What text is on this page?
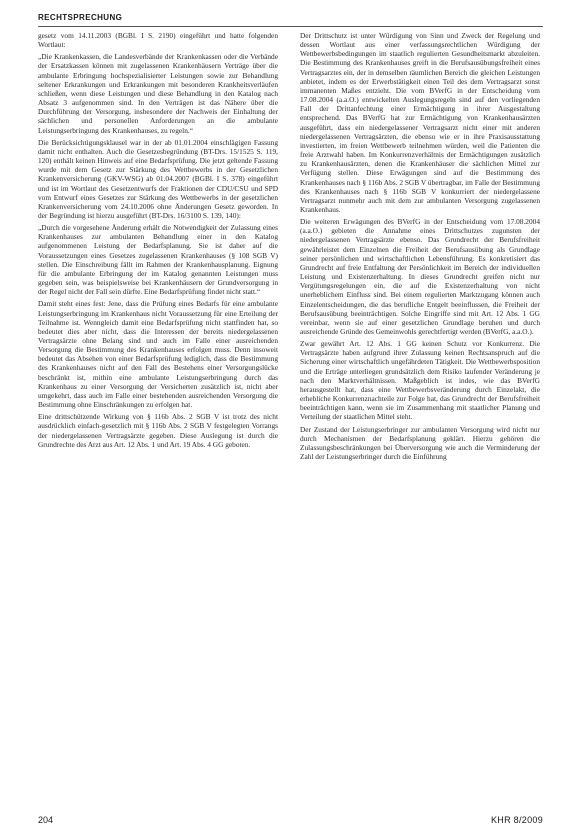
RECHTSPRECHUNG

gesetz vom 14.11.2003 (BGBl. I S. 2190) eingeführt und hatte folgenden Wortlaut:

„Die Krankenkassen, die Landesverbände der Krankenkassen oder die Verbände der Ersatzkassen können mit zugelassenen Krankenhäusern Verträge über die ambulante Erbringung hochspezialisierter Leistungen sowie zur Behandlung seltener Erkrankungen und Erkrankungen mit besonderen Krankheitsverläufen schließen, wenn diese Leistungen und diese Behandlung in den Katalog nach Absatz 3 aufgenommen sind. In den Verträgen ist das Nähere über die Durchführung der Versorgung, insbesondere der Nachweis der Einhaltung der sächlichen und personellen Anforderungen an die ambulante Leistungserbringung des Krankenhauses, zu regeln.“

Die Berücksichtigungsklausel war in der ab 01.01.2004 einschlägigen Fassung damit nicht enthalten. Auch die Gesetzesbegründung (BT-Drs. 15/1525 S. 119, 120) enthält keinen Hinweis auf eine Bedarfsprüfung. Die jetzt geltende Fassung wurde mit dem Gesetz zur Stärkung des Wettbewerbs in der Gesetzlichen Krankenversicherung (GKV-WSG) ab 01.04.2007 (BGBl. I S. 378) eingeführt und ist im Wortlaut des Gesetzentwurfs der Fraktionen der CDU/CSU und SPD vom Entwurf eines Gesetzes zur Stärkung des Wettbewerbs in der gesetzlichen Krankenversicherung vom 24.10.2006 ohne Änderungen Gesetz geworden. In der Begründung ist hierzu ausgeführt (BT-Drs. 16/3100 S. 139, 140):

„Durch die vorgesehene Änderung erhält die Notwendigkeit der Zulassung eines Krankenhauses zur ambulanten Behandlung einer in den Katalog aufgenommenen Leistung der Bedarfsplanung. Sie ist daher auf die Voraussetzungen eines Gesetzes zugelassenen Krankenhauses (§ 108 SGB V) stellen. Die Einschreibung fällt im Rahmen der Krankenhausplanung. Eignung für die ambulante Erbringung der im Katalog genannten Leistungen muss gegeben sein, was beispielsweise bei Krankenhäusern der Grundversorgung in der Regel nicht der Fall sein dürfte. Eine Bedarfsprüfung findet nicht statt.“

Damit steht eines fest: Jene, dass die Prüfung eines Bedarfs für eine ambulante Leistungserbringung im Krankenhaus nicht Voraussetzung für eine Erteilung der Teilnahme ist. Wenngleich damit eine Bedarfsprüfung nicht stattfinden hat, so bedeutet dies aber nicht, dass die Interessen der bereits niedergelassenen Vertragsärzte ohne Belang sind und auch im Falle einer ausreichenden Versorgung die Bestimmung des Krankenhauses erfolgen muss. Denn insoweit bedeutet das Absehen von einer Bedarfsprüfung lediglich, dass die Bestimmung des Krankenhauses nicht auf den Fall des Bestehens einer Versorgungslücke beschränkt ist, mithin eine ambulante Leistungserbringung durch das Krankenhaus zu einer Versorgung der Versicherten zusätzlich ist, nicht aber umgekehrt, dass auch im Falle einer bestehenden ausreichenden Versorgung die Bestimmung ohne Einschränkungen zu erfolgen hat.

Eine drittschützende Wirkung von § 116b Abs. 2 SGB V ist trotz des nicht ausdrücklich einfach-gesetzlich mit § 116b Abs. 2 SGB V festgelegten Vorrangs der niedergelassenen Vertragsärzte gegeben. Diese Auslegung ist durch die Grundrechte des Arzt aus Art. 12 Abs. 1 und Art. 19 Abs. 4 GG geboten.

Der Drittschutz ist unter Würdigung von Sinn und Zweck der Regelung und dessen Wortlaut aus einer verfassungsrechtlichen Würdigung der Wettbewerbsbedingungen im staatlich regulierten Gesundheitsmarkt abzuleiten. Die Bestimmung des Krankenhauses greift in die Berufsausübungsfreiheit eines Vertragsarztes ein, der in demselben räumlichen Bereich die gleichen Leistungen anbietet, indem es der Erwerbstätigkeit einen Teil des dem Vertragsarzt sonst immanenten Maßes entzieht. Die vom BVerfG in der Entscheidung vom 17.08.2004 (a.a.O.) entwickelten Auslegungsregeln sind auf den vorliegenden Fall der Drittanfechtung einer Ermächtigung in ihrer Ausgestaltung entsprechend. Das BVerfG hat zur Ermächtigung von Krankenhausärzten ausgeführt, dass ein niedergelassener Vertragsarzt nicht einer mit anderen niedergelassenen Vertragsärzten, die ebenso wie er in ihre Praxisausstattung investierten, im freien Wettbewerb teilnehmen würden, weil die Patienten die freie Arztwahl haben. Im Konkurrenzverhältnis der Ermächtigungen zusätzlich zu Krankenhausärzten, denen die Krankenhäuser die sächlichen Mittel zur Verfügung stellen. Diese Erwägungen sind auf die Bestimmung des Krankenhauses nach § 116b Abs. 2 SGB V übertragbar, im Falle der Bestimmung des Krankenhauses nach § 116b SGB V konkurriert der niedergelassene Vertragsarzt nunmehr auch mit dem zur ambulanten Versorgung zugelassenen Krankenhaus.

Die weiteren Erwägungen des BVerfG in der Entscheidung vom 17.08.2004 (a.a.O.) gebieten die Annahme eines Drittschutzes zugunsten der niedergelassenen Vertragsärzte ebenso. Das Grundrecht der Berufsfreiheit gewährleistet dem Einzelnen die Freiheit der Berufsausübung als Grundlage seiner persönlichen und wirtschaftlichen Lebensführung. Es konkretisiert das Grundrecht auf freie Entfaltung der Persönlichkeit im Bereich der individuellen Leistung und Existenzerhaltung. In dieses Grundrecht greifen nicht nur Vergütungsregelungen ein, die auf die Existenzerhaltung von nicht unerheblichem Einfluss sind. Bei einem regulierten Marktzugang können auch Einzelentscheidungen, die das berufliche Entgelt beeinflussen, die Freiheit der Berufsausübung beeinträchtigen. Solche Eingriffe sind mit Art. 12 Abs. 1 GG vereinbar, wenn sie auf einer gesetzlichen Grundlage beruhen und durch ausreichende Gründe des Gemeinwohls gerechtfertigt werden (BVerfG, a.a.O.).

Zwar gewährt Art. 12 Abs. 1 GG keinen Schutz vor Konkurrenz. Die Vertragsärzte haben aufgrund ihrer Zulassung keinen Rechtsanspruch auf die Sicherung einer wirtschaftlich ungefährdeten Tätigkeit. Die Wettbewerbsposition und die Erträge unterliegen grundsätzlich dem Risiko laufender Veränderung je nach den Marktverhältnissen. Maßgeblich ist indes, wie das BVerfG herausgestellt hat, dass eine Wettbewerbsveränderung durch Einzelakt, die erhebliche Konkurrenznachteile zur Folge hat, das Grundrecht der Berufsfreiheit beeinträchtigen kann, wenn sie im Zusammenhang mit staatlicher Planung und Verteilung der staatlichen Mittel steht.

Der Zustand der Leistungserbringer zur ambulanten Versorgung wird nicht nur durch Mechanismen der Bedarfsplanung geklärt. Hierzu gehören die Zulassungsbeschränkungen bei Überversorgung wie auch die Verminderung der Zahl der Leistungserbringer durch die Einführung

204	KHR 8/2009
